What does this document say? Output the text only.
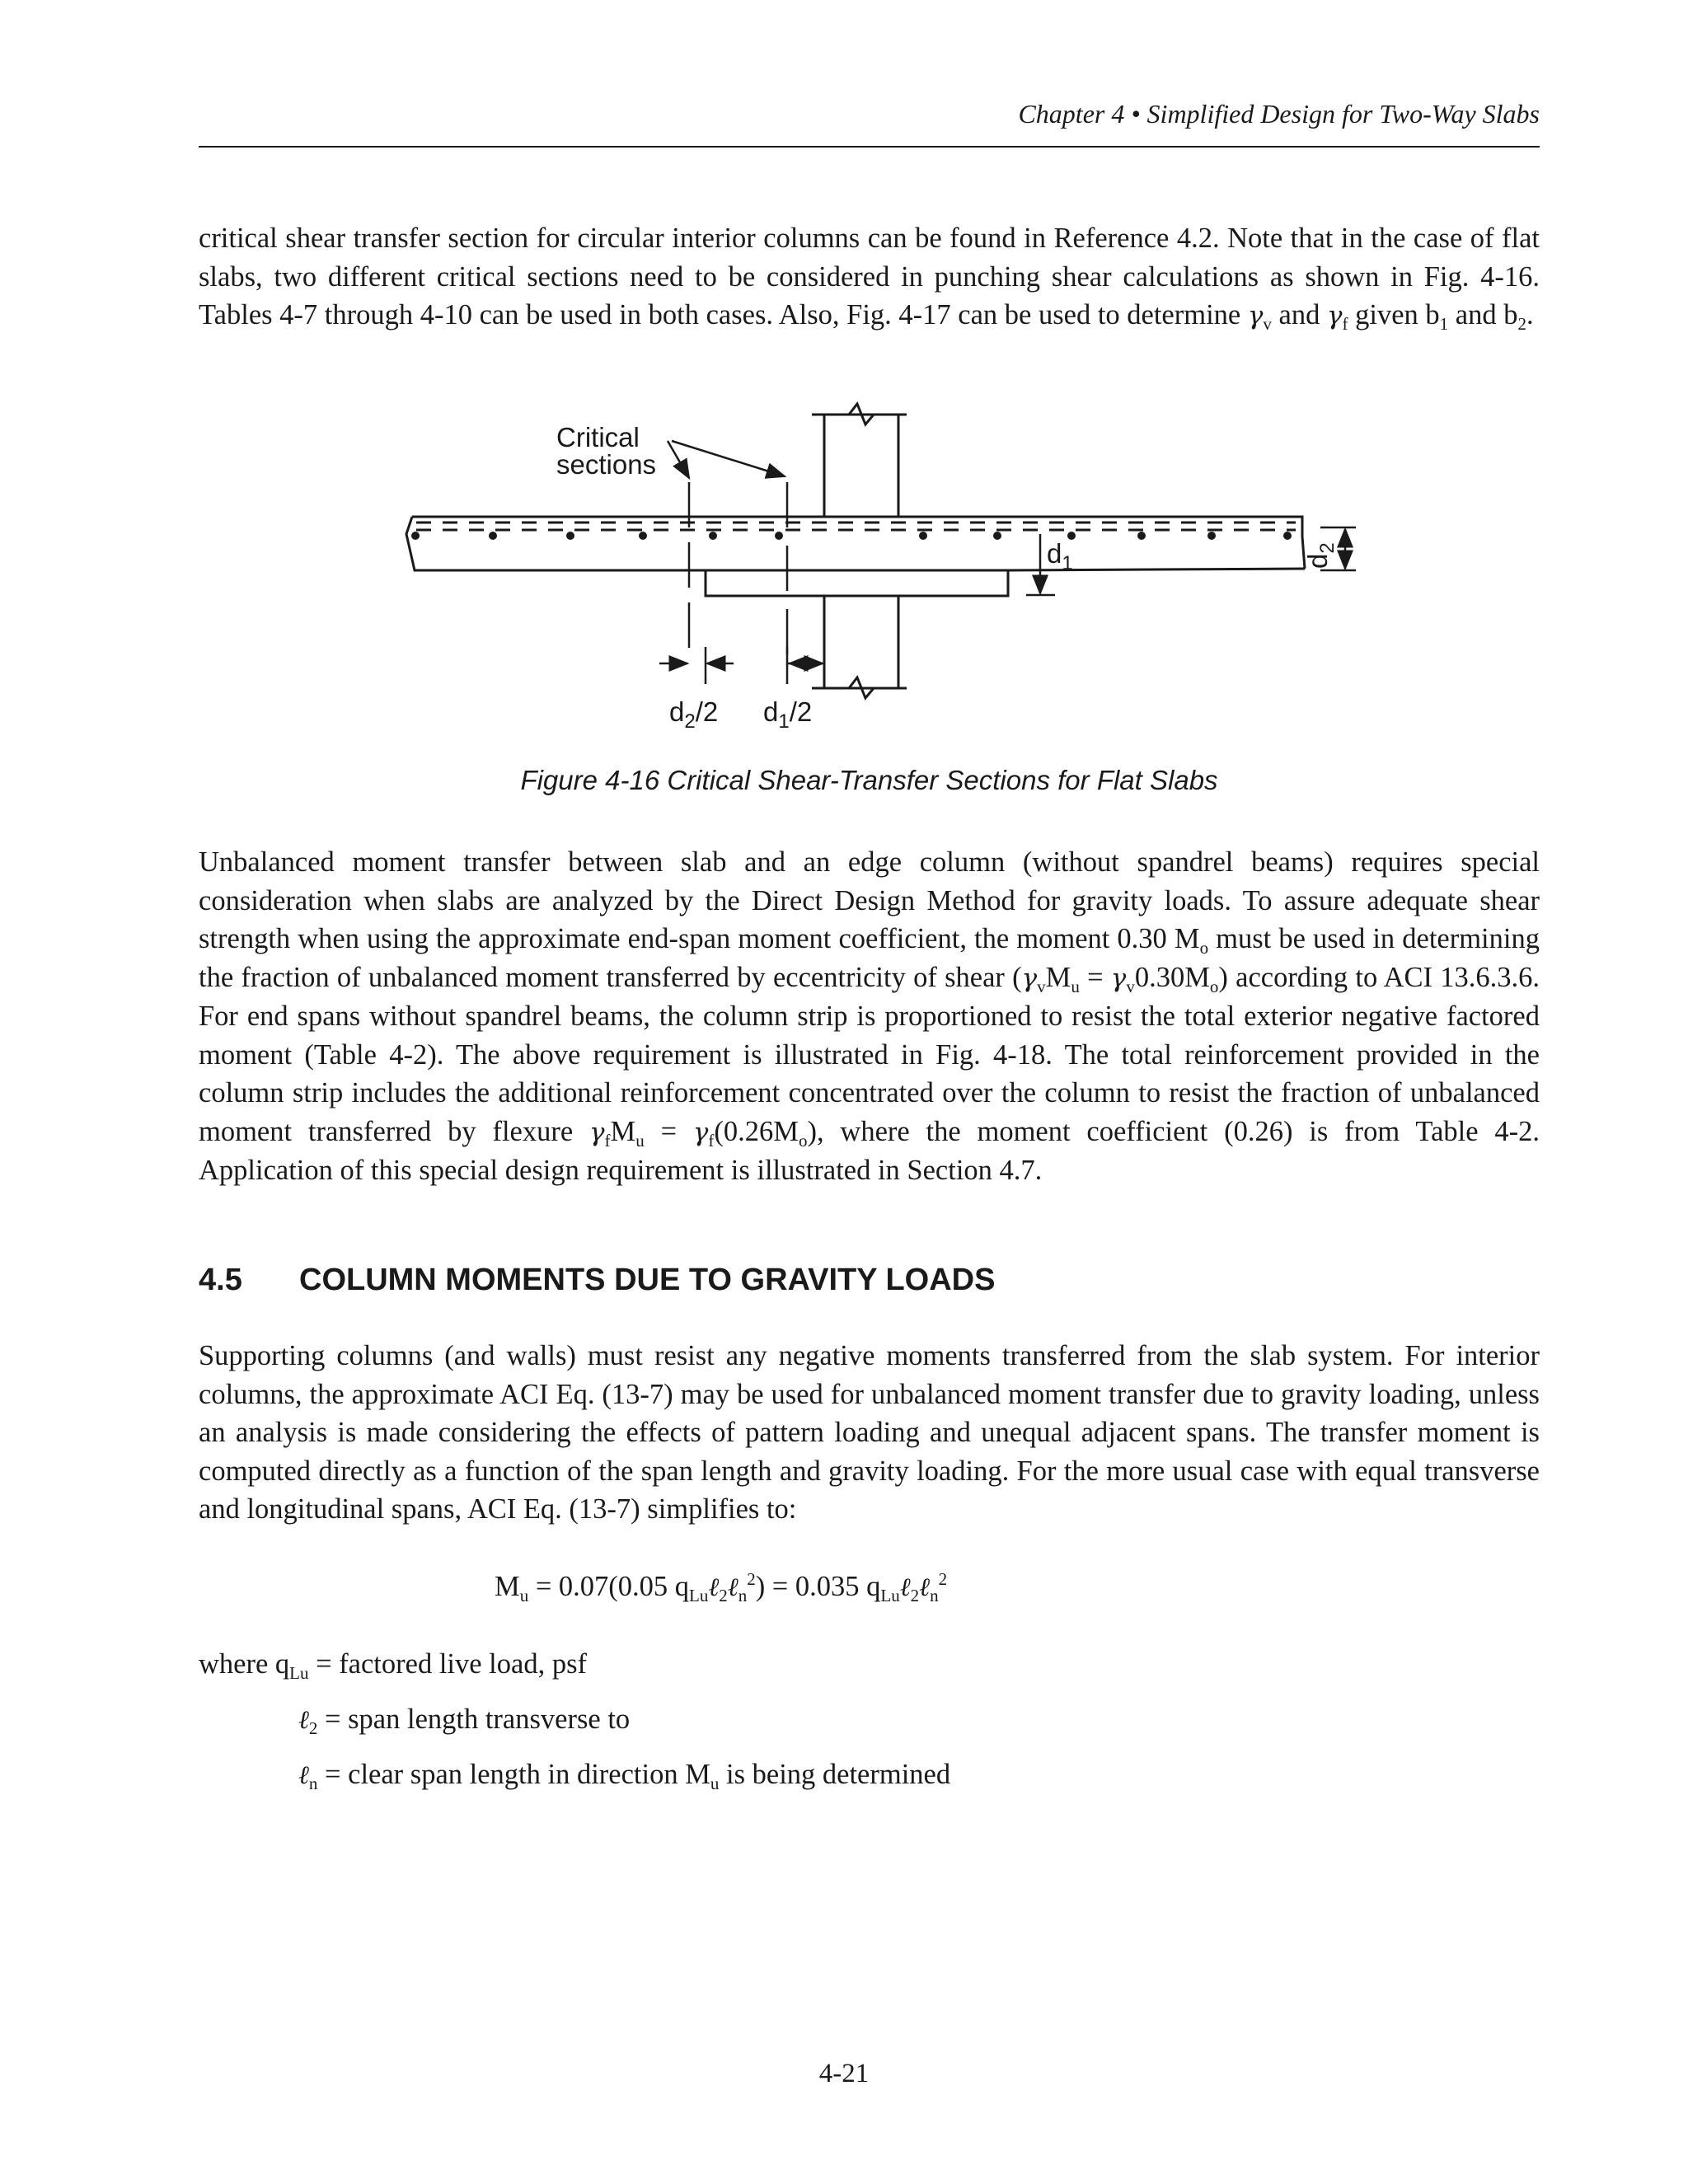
Chapter 4 • Simplified Design for Two-Way Slabs

critical shear transfer section for circular interior columns can be found in Reference 4.2. Note that in the case of flat slabs, two different critical sections need to be considered in punching shear calculations as shown in Fig. 4-16. Tables 4-7 through 4-10 can be used in both cases. Also, Fig. 4-17 can be used to determine $\gamma_v$ and $\gamma_f$ given $b_1$ and $b_2$.

Critical
sections
$d_1$	$d_2$
$d_2/2$ $d_1/2$
Figure 4-16 Critical Shear-Transfer Sections for Flat Slabs

Unbalanced moment transfer between slab and an edge column (without spandrel beams) requires special consideration when slabs are analyzed by the Direct Design Method for gravity loads. To assure adequate shear strength when using the approximate end-span moment coefficient, the moment 0.30 $M_o$ must be used in determining the fraction of unbalanced moment transferred by eccentricity of shear $(\gamma_vM_u = \gamma_v0.30M_o)$ according to ACI 13.6.3.6. For end spans without spandrel beams, the column strip is proportioned to resist the total exterior negative factored moment (Table 4-2). The above requirement is illustrated in Fig. 4-18. The total reinforcement provided in the column strip includes the additional reinforcement concentrated over the column to resist the fraction of unbalanced moment transferred by flexure $\gamma_fM_u = \gamma_f(0.26M_o)$, where the moment coefficient (0.26) is from Table 4-2. Application of this special design requirement is illustrated in Section 4.7.

4.5 COLUMN MOMENTS DUE TO GRAVITY LOADS

Supporting columns (and walls) must resist any negative moments transferred from the slab system. For interior columns, the approximate ACI Eq. (13-7) may be used for unbalanced moment transfer due to gravity loading, unless an analysis is made considering the effects of pattern loading and unequal adjacent spans. The transfer moment is computed directly as a function of the span length and gravity loading. For the more usual case with equal transverse and longitudinal spans, ACI Eq. (13-7) simplifies to:

$M_u = 0.07(0.05$ $q_{Lu}\ell_2\ell_n^2) = 0.035$ $q_{Lu}\ell_2\ell_n^2$
where $q_{Lu}$ = factored live load, psf
ℓ$_2$ = span length transverse to
ℓ$_n$ = clear span length in direction $M_u$ is being determined
4-21
